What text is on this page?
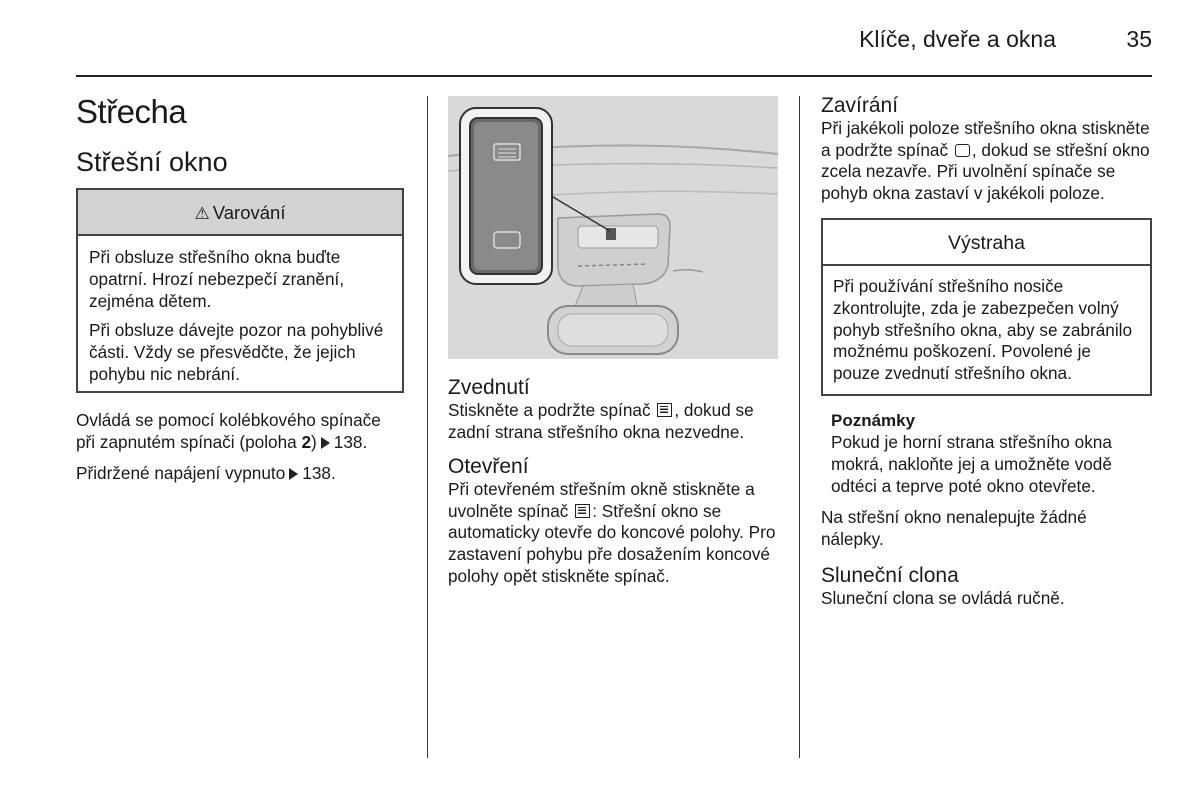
Klíče, dveře a okna	35
Střecha
Střešní okno
⚠ Varování

Při obsluze střešního okna buďte opatrní. Hrozí nebezpečí zranění, zejména dětem.

Při obsluze dávejte pozor na pohyblivé části. Vždy se přesvědčte, že jejich pohybu nic nebrání.

Ovládá se pomocí kolébkového spínače při zapnutém spínači (poloha 2) 138.

Přidržené napájení vypnuto 138.

Zvednutí

Stiskněte a podržte spínač , dokud se zadní strana střešního okna nezvedne.

Otevření

Při otevřeném střešním okně stiskněte a uvolněte spínač : Střešní okno se automaticky otevře do koncové polohy. Pro zastavení pohybu pře dosažením koncové polohy opět stiskněte spínač.

Zavírání

Při jakékoli poloze střešního okna stiskněte a podržte spínač , dokud se střešní okno zcela nezavře. Při uvolnění spínače se pohyb okna zastaví v jakékoli poloze.

Výstraha

Při používání střešního nosiče zkontrolujte, zda je zabezpečen volný pohyb střešního okna, aby se zabránilo možnému poškození. Povolené je pouze zvednutí střešního okna.

Poznámky

Pokud je horní strana střešního okna mokrá, nakloňte jej a umožněte vodě odtéci a teprve poté okno otevřete.

Na střešní okno nenalepujte žádné nálepky.

Sluneční clona

Sluneční clona se ovládá ručně.
